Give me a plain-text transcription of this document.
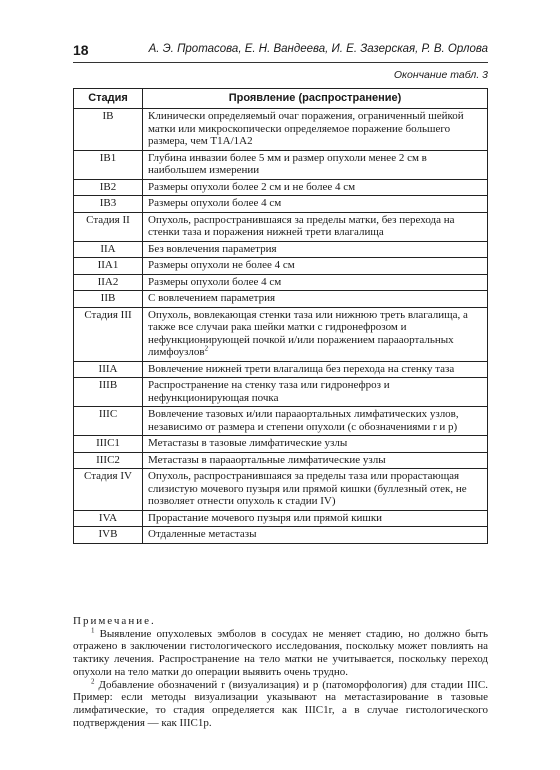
18	А. Э. Протасова, Е. Н. Вандеева, И. Е. Зазерская, Р. В. Орлова
Окончание табл. 3
Стадия	Проявление (распространение)
IB	Клинически определяемый очаг поражения, ограниченный шейкой матки или микроскопически определяемое поражение большего размера, чем T1A/1A2
IB1	Глубина инвазии более 5 мм и размер опухоли менее 2 см в наибольшем измерении
IB2	Размеры опухоли более 2 см и не более 4 см
IB3	Размеры опухоли более 4 см
Стадия II	Опухоль, распространившаяся за пределы матки, без перехода на стенки таза и поражения нижней трети влагалища
IIA	Без вовлечения параметрия
IIA1	Размеры опухоли не более 4 см
IIA2	Размеры опухоли более 4 см
IIB	С вовлечением параметрия
Стадия III	Опухоль, вовлекающая стенки таза или нижнюю треть влагалища, а также все случаи рака шейки матки с гидронефрозом и нефункционирующей почкой и/или поражением парааортальных лимфоузлов$^2$
IIIA	Вовлечение нижней трети влагалища без перехода на стенку таза
IIIB	Распространение на стенку таза или гидронефроз и нефункционирующая почка
IIIC	Вовлечение тазовых и/или парааортальных лимфатических узлов, независимо от размера и степени опухоли (с обозначениями r и p)
IIIC1	Метастазы в тазовые лимфатические узлы
IIIC2	Метастазы в парааортальные лимфатические узлы
Стадия IV	Опухоль, распространившаяся за пределы таза или прорастающая слизистую мочевого пузыря или прямой кишки (буллезный отек, не позволяет отнести опухоль к стадии IV)
IVA	Прорастание мочевого пузыря или прямой кишки
IVB	Отдаленные метастазы
Примечание.

$^1$ Выявление опухолевых эмболов в сосудах не меняет стадию, но должно быть отражено в заключении гистологического исследования, поскольку может повлиять на тактику лечения. Распространение на тело матки не учитывается, поскольку переход опухоли на тело матки до операции выявить очень трудно.

$^2$ Добавление обозначений r (визуализация) и p (патоморфология) для стадии IIIC. Пример: если методы визуализации указывают на метастазирование в тазовые лимфатические, то стадия определяется как IIIC1r, а в случае гистологического подтверждения — как IIIC1p.
